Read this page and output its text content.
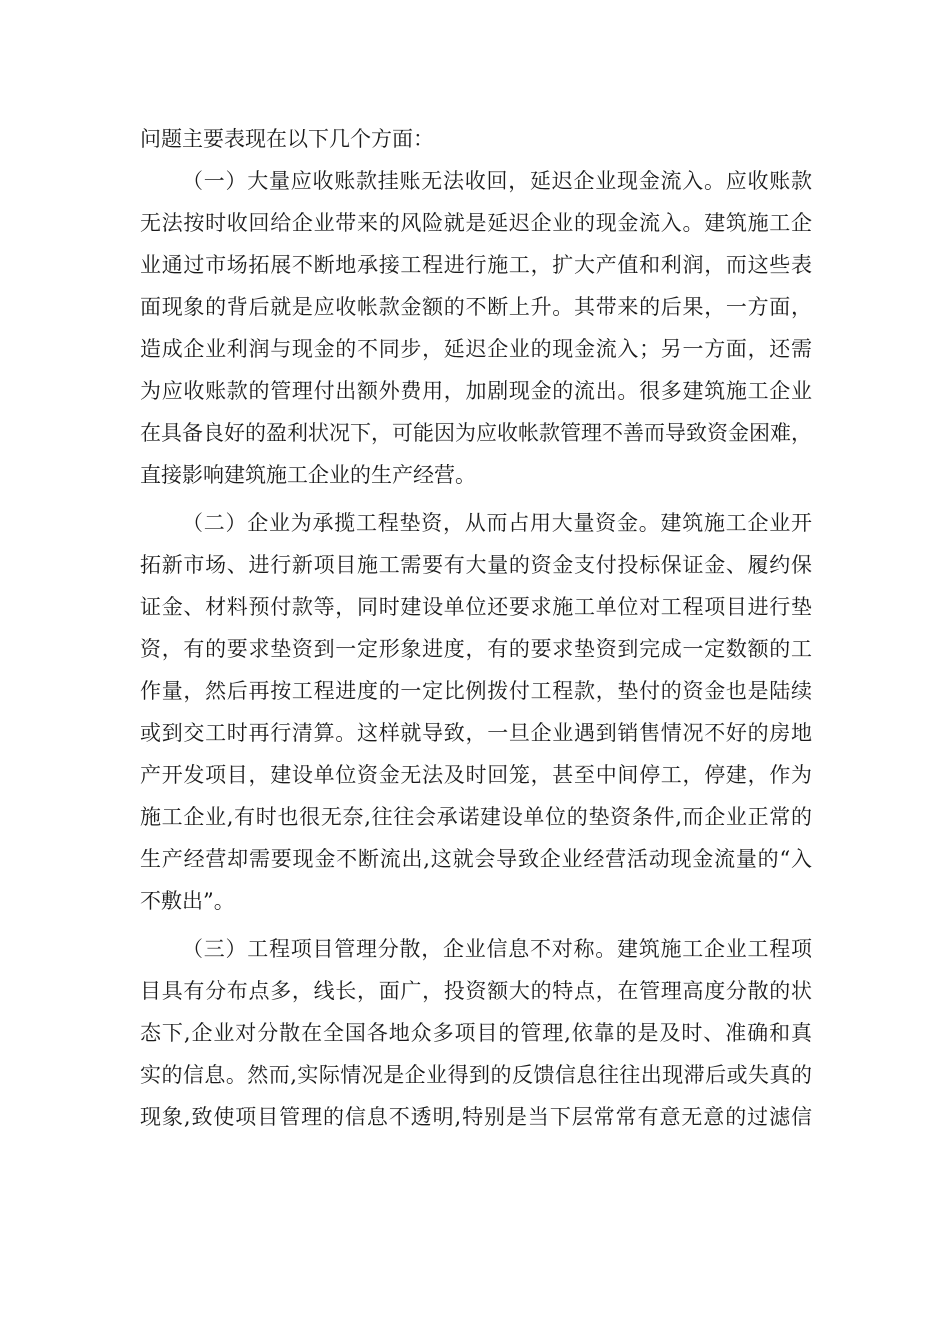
问题主要表现在以下几个方面：
（一）大量应收账款挂账无法收回，延迟企业现金流入。应收账款
无法按时收回给企业带来的风险就是延迟企业的现金流入。建筑施工企
业通过市场拓展不断地承接工程进行施工，扩大产值和利润，而这些表
面现象的背后就是应收帐款金额的不断上升。其带来的后果，一方面，
造成企业利润与现金的不同步，延迟企业的现金流入；另一方面，还需
为应收账款的管理付出额外费用，加剧现金的流出。很多建筑施工企业
在具备良好的盈利状况下，可能因为应收帐款管理不善而导致资金困难，
直接影响建筑施工企业的生产经营。
（二）企业为承揽工程垫资，从而占用大量资金。建筑施工企业开
拓新市场、进行新项目施工需要有大量的资金支付投标保证金、履约保
证金、材料预付款等，同时建设单位还要求施工单位对工程项目进行垫
资，有的要求垫资到一定形象进度，有的要求垫资到完成一定数额的工
作量，然后再按工程进度的一定比例拨付工程款，垫付的资金也是陆续
或到交工时再行清算。这样就导致，一旦企业遇到销售情况不好的房地
产开发项目，建设单位资金无法及时回笼，甚至中间停工，停建，作为
施工企业,有时也很无奈,往往会承诺建设单位的垫资条件,而企业正常的
生产经营却需要现金不断流出,这就会导致企业经营活动现金流量的“入
不敷出”。
（三）工程项目管理分散，企业信息不对称。建筑施工企业工程项
目具有分布点多，线长，面广，投资额大的特点，在管理高度分散的状
态下,企业对分散在全国各地众多项目的管理,依靠的是及时、准确和真
实的信息。然而,实际情况是企业得到的反馈信息往往出现滞后或失真的
现象,致使项目管理的信息不透明,特别是当下层常常有意无意的过滤信
